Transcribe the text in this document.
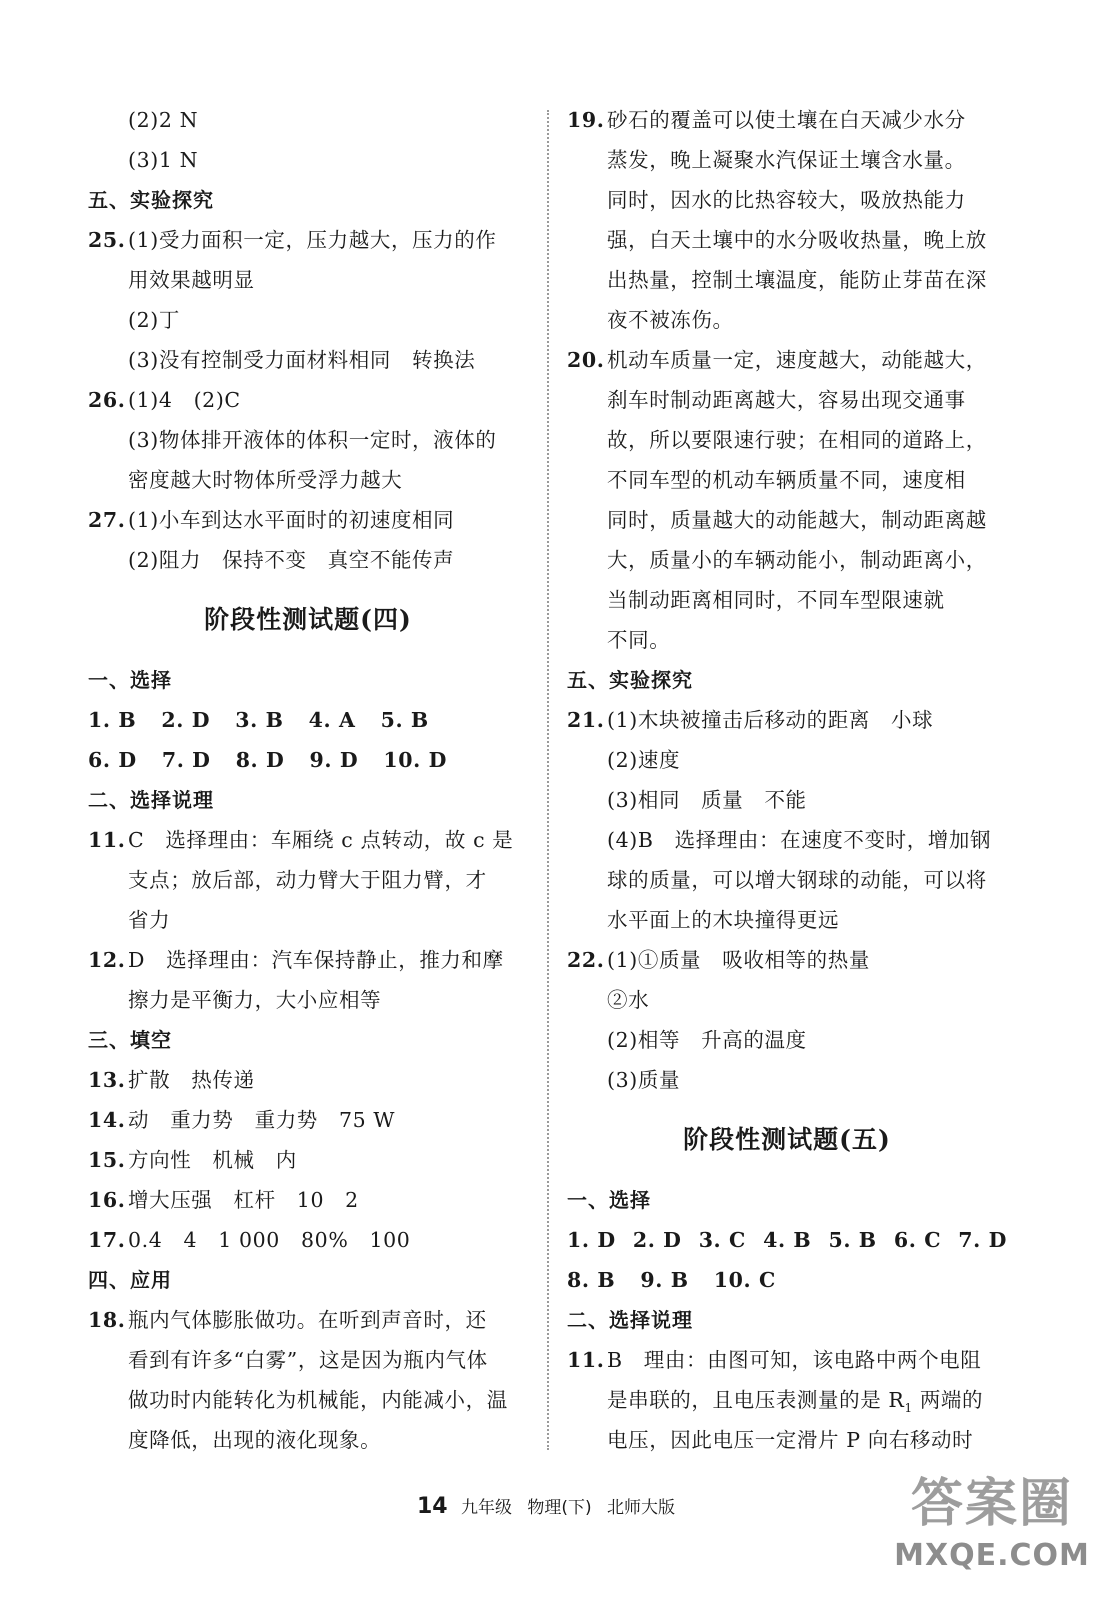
(2)2 N
(3)1 N
五、实验探究
25. (1)受力面积一定，压力越大，压力的作
用效果越明显
(2)丁
(3)没有控制受力面材料相同　转换法
26. (1)4　(2)C
(3)物体排开液体的体积一定时，液体的
密度越大时物体所受浮力越大
27. (1)小车到达水平面时的初速度相同
(2)阻力　保持不变　真空不能传声
阶段性测试题(四)
一、选择
1. B 2. D 3. B 4. A 5. B
6. D 7. D 8. D 9. D 10. D
二、选择说理
11. C　选择理由：车厢绕 c 点转动，故 c 是
支点；放后部，动力臂大于阻力臂，才
省力
12. D　选择理由：汽车保持静止，推力和摩
擦力是平衡力，大小应相等
三、填空
13. 扩散　热传递
14. 动　重力势　重力势　75 W
15. 方向性　机械　内
16. 增大压强　杠杆　10　2
17. 0.4　4　1 000　80%　100
四、应用
18. 瓶内气体膨胀做功。在听到声音时，还
看到有许多“白雾”，这是因为瓶内气体
做功时内能转化为机械能，内能减小，温
度降低，出现的液化现象。
19. 砂石的覆盖可以使土壤在白天减少水分
蒸发，晚上凝聚水汽保证土壤含水量。
同时，因水的比热容较大，吸放热能力
强，白天土壤中的水分吸收热量，晚上放
出热量，控制土壤温度，能防止芽苗在深
夜不被冻伤。
20. 机动车质量一定，速度越大，动能越大，
刹车时制动距离越大，容易出现交通事
故，所以要限速行驶；在相同的道路上，
不同车型的机动车辆质量不同，速度相
同时，质量越大的动能越大，制动距离越
大，质量小的车辆动能小，制动距离小，
当制动距离相同时，不同车型限速就
不同。
五、实验探究
21. (1)木块被撞击后移动的距离　小球
(2)速度
(3)相同　质量　不能
(4)B　选择理由：在速度不变时，增加钢
球的质量，可以增大钢球的动能，可以将
水平面上的木块撞得更远
22. (1)①质量　吸收相等的热量
②水
(2)相等　升高的温度
(3)质量
阶段性测试题(五)
一、选择
1. D 2. D 3. C 4. B 5. B 6. C 7. D
8. B 9. B 10. C
二、选择说理
11. B　理由：由图可知，该电路中两个电阻
是串联的，且电压表测量的是 $R_1$ 两端的
电压，因此电压一定滑片 P 向右移动时
14 九年级 物理(下) 北师大版	答案圈
MXQE.COM
